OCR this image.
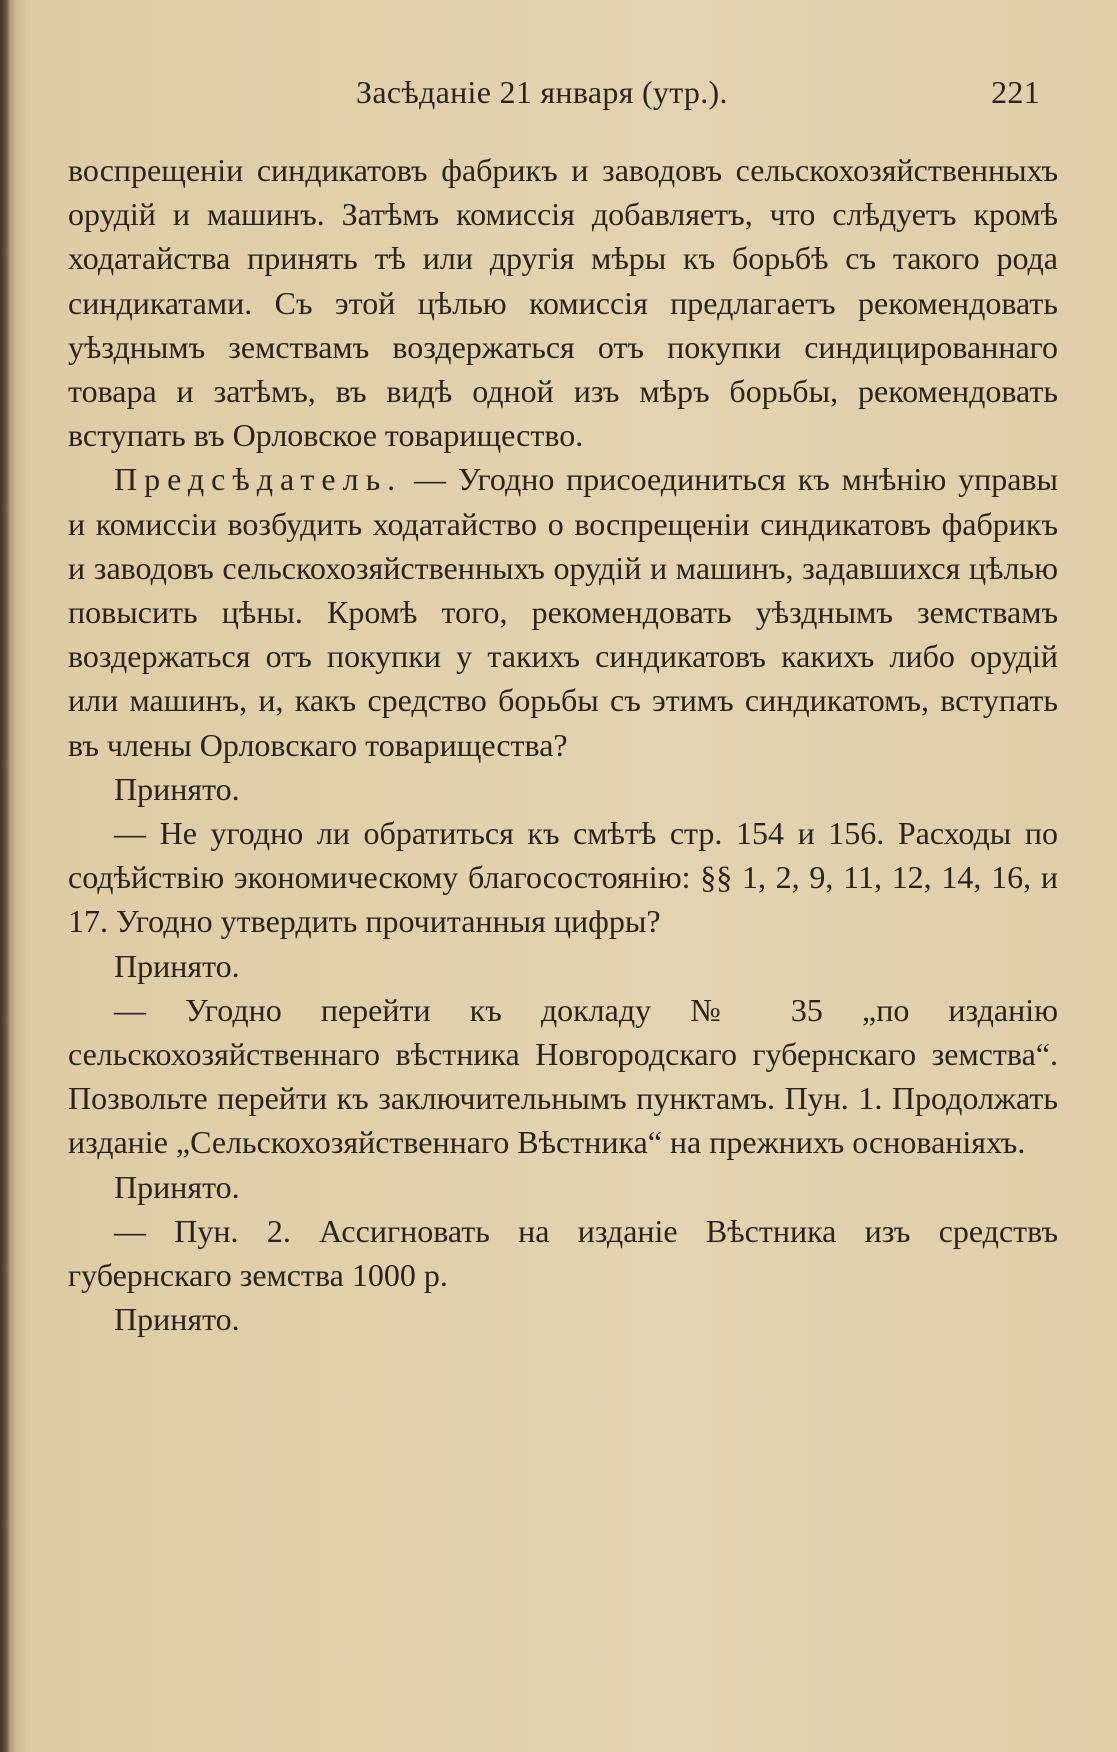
Засѣданіе 21 января (утр.).	221

воспрещеніи синдикатовъ фабрикъ и заводовъ сельскохозяйственныхъ орудій и машинъ. Затѣмъ комиссія добавляетъ, что слѣдуетъ кромѣ ходатайства принять тѣ или другія мѣры къ борьбѣ съ такого рода синдикатами. Съ этой цѣлью комиссія предлагаетъ рекомендовать уѣзднымъ земствамъ воздержаться отъ покупки синдицированнаго товара и затѣмъ, въ видѣ одной изъ мѣръ борьбы, рекомендовать вступать въ Орловское товарищество.

Предсѣдатель. — Угодно присоединиться къ мнѣнію управы и комиссіи возбудить ходатайство о воспрещеніи синдикатовъ фабрикъ и заводовъ сельскохозяйственныхъ орудій и машинъ, задавшихся цѣлью повысить цѣны. Кромѣ того, рекомендовать уѣзднымъ земствамъ воздержаться отъ покупки у такихъ синдикатовъ какихъ либо орудій или машинъ, и, какъ средство борьбы съ этимъ синдикатомъ, вступать въ члены Орловскаго товарищества?

Принято.

— Не угодно ли обратиться къ смѣтѣ стр. 154 и 156. Расходы по содѣйствію экономическому благосостоянію: §§ 1, 2, 9, 11, 12, 14, 16, и 17. Угодно утвердить прочитанныя цифры?

Принято.

— Угодно перейти къ докладу № 35 „по изданію сельскохозяйственнаго вѣстника Новгородскаго губернскаго земства“. Позвольте перейти къ заключительнымъ пунктамъ. Пун. 1. Продолжать изданіе „Сельскохозяйственнаго Вѣстника“ на прежнихъ основаніяхъ.

Принято.

— Пун. 2. Ассигновать на изданіе Вѣстника изъ средствъ губернскаго земства 1000 р.

Принято.
